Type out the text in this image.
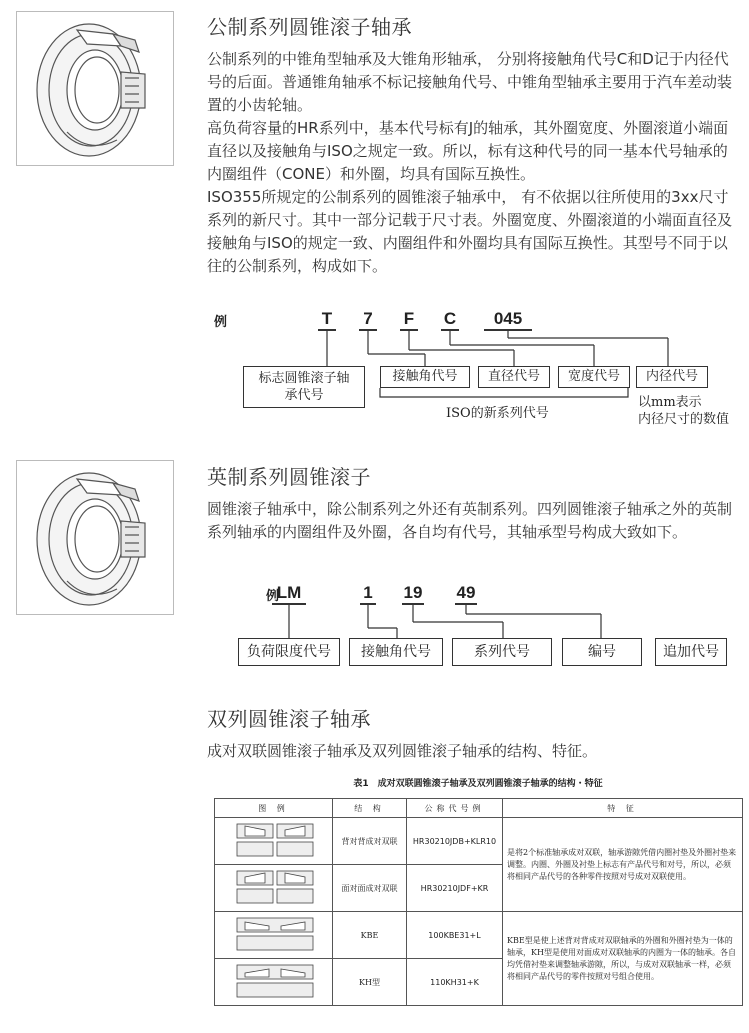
公制系列圆锥滚子轴承

公制系列的中锥角型轴承及大锥角形轴承， 分别将接触角代号C和D记于内径代号的后面。普通锥角轴承不标记接触角代号、中锥角型轴承主要用于汽车差动装置的小齿轮轴。

高负荷容量的HR系列中，基本代号标有J的轴承，其外圈宽度、外圈滚道小端面直径以及接触角与ISO之规定一致。所以，标有这种代号的同一基本代号轴承的内圈组件（CONE）和外圈，均具有国际互换性。

ISO355所规定的公制系列的圆锥滚子轴承中， 有不依据以往所使用的3xx尺寸系列的新尺寸。其中一部分记载于尺寸表。外圈宽度、外圈滚道的小端面直径及接触角与ISO的规定一致、内圈组件和外圈均具有国际互换性。其型号不同于以往的公制系列，构成如下。

例	T 7 F C	045
标志圆锥滚子轴承代号
接触角代号	直径代号	宽度代号	内径代号
ISO的新系列代号
以mm表示
内径尺寸的数值
英制系列圆锥滚子
圆锥滚子轴承中，除公制系列之外还有英制系列。四列圆锥滚子轴承之外的英制系列轴承的内圈组件及外圈，各自均有代号，其轴承型号构成大致如下。
例
LM	1 19 49
负荷限度代号	接触角代号	系列代号	编号	追加代号
双列圆锥滚子轴承
成对双联圆锥滚子轴承及双列圆锥滚子轴承的结构、特征。
表1　成对双联圆锥滚子轴承及双列圆锥滚子轴承的结构・特征
图 例	结 构	公称代号例	特 征
	背对背成对双联	HR30210JDB+KLR10	是将2个标准轴承成对双联，轴承游隙凭借内圈衬垫及外圈衬垫来调整。内圈、外圈及衬垫上标志有产品代号和对号，所以，必须将相同产品代号的各种零件按照对号成对双联使用。
	面对面成对双联	HR30210JDF+KR	
	KBE	100KBE31+L	KBE型是使上述背对背成对双联轴承的外圈和外圈衬垫为一体的轴承，KH型是使用对面成对双联轴承的内圈为一体的轴承。各自均凭借衬垫来调整轴承游隙，所以，与成对双联轴承一样，必须将相同产品代号的零件按照对号组合使用。
	KH型	110KH31+K	
